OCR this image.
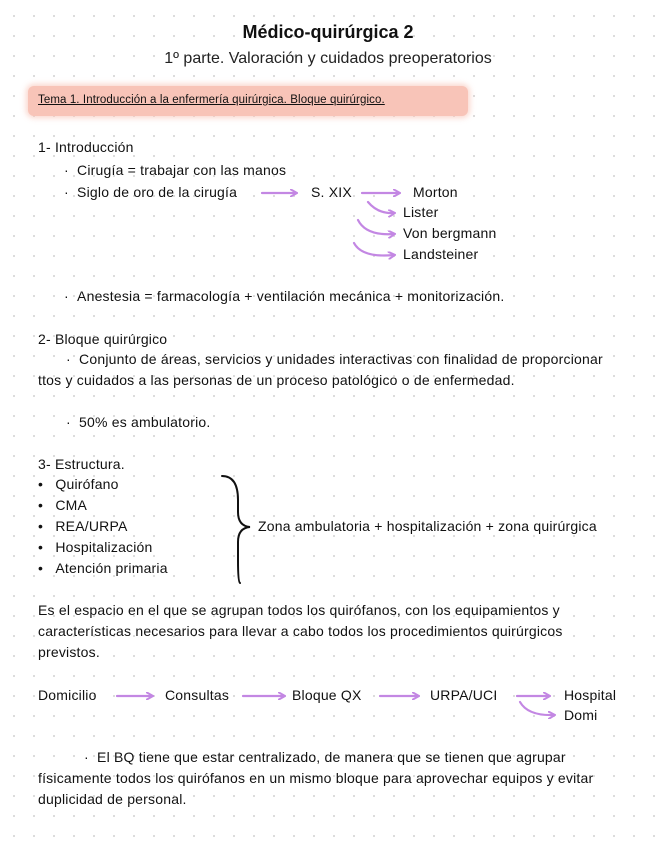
Médico-quirúrgica 2
1º parte. Valoración y cuidados preoperatorios
Tema 1. Introducción a la enfermería quirúrgica. Bloque quirúrgico.
1- Introducción
·  Cirugía = trabajar con las manos
·  Siglo de oro de la cirugía	S. XIX	Morton
Lister
Von bergmann
Landsteiner
·  Anestesia = farmacología + ventilación mecánica + monitorización.
2- Bloque quirúrgico
·  Conjunto de áreas, servicios y unidades interactivas con finalidad de proporcionar ttos y cuidados a las personas de un proceso patológico o de enfermedad.
·  50% es ambulatorio.
3- Estructura.
•   Quirófano
•   CMA
•   REA/URPA
•   Hospitalización
•   Atención primaria
Zona ambulatoria + hospitalización + zona quirúrgica
Es el espacio en el que se agrupan todos los quirófanos, con los equipamientos y características necesarios para llevar a cabo todos los procedimientos quirúrgicos previstos.
Domicilio	Consultas	Bloque QX	URPA/UCI	Hospital
Domi
·  El BQ tiene que estar centralizado, de manera que se tienen que agrupar físicamente todos los quirófanos en un mismo bloque para aprovechar equipos y evitar duplicidad de personal.
